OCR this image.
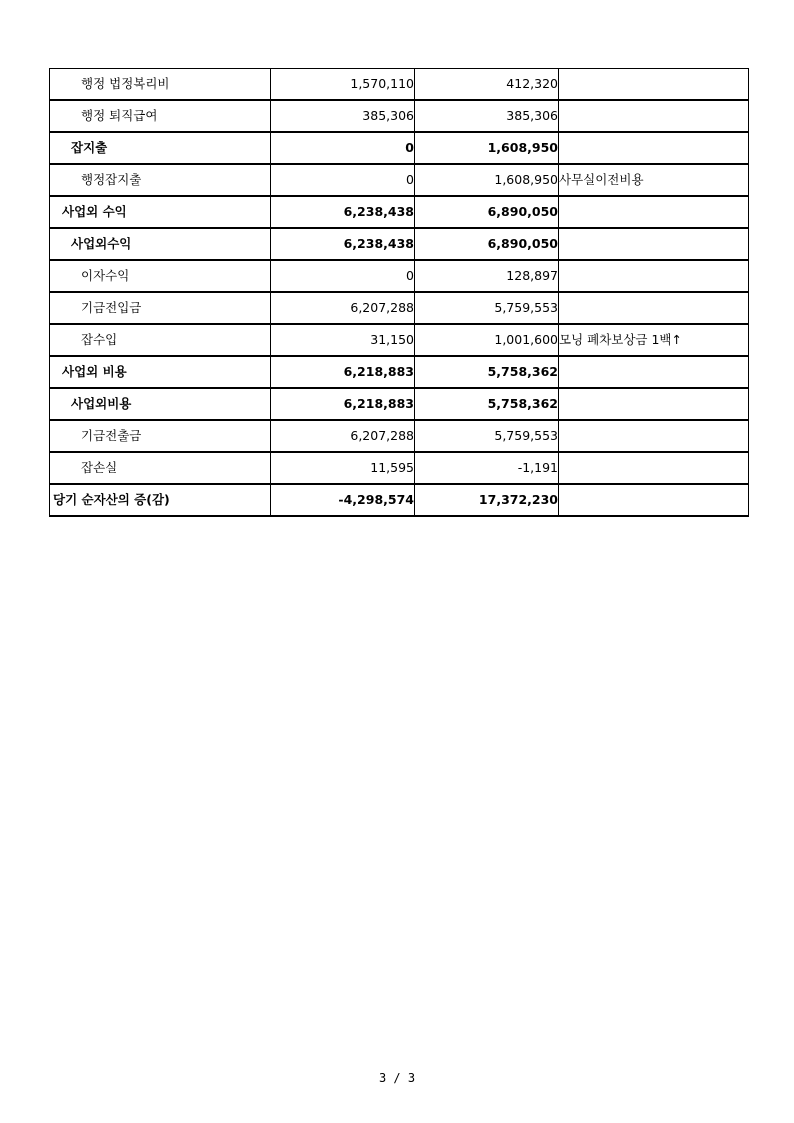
행정 법정복리비	1,570,110	412,320	
행정 퇴직급여	385,306	385,306	
잡지출	0	1,608,950	
행정잡지출	0	1,608,950	사무실이전비용
사업외 수익	6,238,438	6,890,050	
사업외수익	6,238,438	6,890,050	
이자수익	0	128,897	
기금전입금	6,207,288	5,759,553	
잡수입	31,150	1,001,600	모닝 폐차보상금 1백↑
사업외 비용	6,218,883	5,758,362	
사업외비용	6,218,883	5,758,362	
기금전출금	6,207,288	5,759,553	
잡손실	11,595	-1,191	
당기 순자산의 증(감)	-4,298,574	17,372,230	
3 / 3
